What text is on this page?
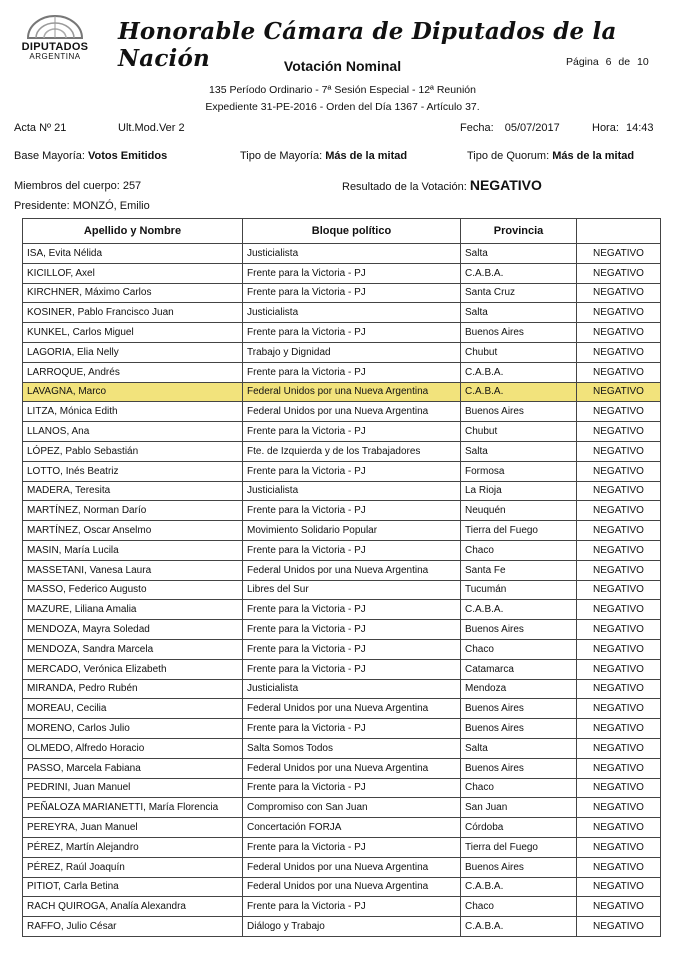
DIPUTADOS
ARGENTINA
Honorable Cámara de Diputados de la Nación	Votación Nominal	Página 6 de 10
135 Período Ordinario - 7ª Sesión Especial - 12ª Reunión
Expediente 31-PE-2016 - Orden del Día 1367 - Artículo 37.
Acta Nº 21	Ult.Mod.Ver 2	Fecha: 05/07/2017	Hora: 14:43
Base Mayoría: Votos Emitidos	Tipo de Mayoría: Más de la mitad	Tipo de Quorum: Más de la mitad
Miembros del cuerpo: 257	Resultado de la Votación: NEGATIVO
Presidente: MONZÓ, Emilio
Apellido y Nombre	Bloque político	Provincia	
ISA, Evita Nélida	Justicialista	Salta	NEGATIVO
KICILLOF, Axel	Frente para la Victoria - PJ	C.A.B.A.	NEGATIVO
KIRCHNER, Máximo Carlos	Frente para la Victoria - PJ	Santa Cruz	NEGATIVO
KOSINER, Pablo Francisco Juan	Justicialista	Salta	NEGATIVO
KUNKEL, Carlos Miguel	Frente para la Victoria - PJ	Buenos Aires	NEGATIVO
LAGORIA, Elia Nelly	Trabajo y Dignidad	Chubut	NEGATIVO
LARROQUE, Andrés	Frente para la Victoria - PJ	C.A.B.A.	NEGATIVO
LAVAGNA, Marco	Federal Unidos por una Nueva Argentina	C.A.B.A.	NEGATIVO
LITZA, Mónica Edith	Federal Unidos por una Nueva Argentina	Buenos Aires	NEGATIVO
LLANOS, Ana	Frente para la Victoria - PJ	Chubut	NEGATIVO
LÓPEZ, Pablo Sebastián	Fte. de Izquierda y de los Trabajadores	Salta	NEGATIVO
LOTTO, Inés Beatriz	Frente para la Victoria - PJ	Formosa	NEGATIVO
MADERA, Teresita	Justicialista	La Rioja	NEGATIVO
MARTÍNEZ, Norman Darío	Frente para la Victoria - PJ	Neuquén	NEGATIVO
MARTÍNEZ, Oscar Anselmo	Movimiento Solidario Popular	Tierra del Fuego	NEGATIVO
MASIN, María Lucila	Frente para la Victoria - PJ	Chaco	NEGATIVO
MASSETANI, Vanesa Laura	Federal Unidos por una Nueva Argentina	Santa Fe	NEGATIVO
MASSO, Federico Augusto	Libres del Sur	Tucumán	NEGATIVO
MAZURE, Liliana Amalia	Frente para la Victoria - PJ	C.A.B.A.	NEGATIVO
MENDOZA, Mayra Soledad	Frente para la Victoria - PJ	Buenos Aires	NEGATIVO
MENDOZA, Sandra Marcela	Frente para la Victoria - PJ	Chaco	NEGATIVO
MERCADO, Verónica Elizabeth	Frente para la Victoria - PJ	Catamarca	NEGATIVO
MIRANDA, Pedro Rubén	Justicialista	Mendoza	NEGATIVO
MOREAU, Cecilia	Federal Unidos por una Nueva Argentina	Buenos Aires	NEGATIVO
MORENO, Carlos Julio	Frente para la Victoria - PJ	Buenos Aires	NEGATIVO
OLMEDO, Alfredo Horacio	Salta Somos Todos	Salta	NEGATIVO
PASSO, Marcela Fabiana	Federal Unidos por una Nueva Argentina	Buenos Aires	NEGATIVO
PEDRINI, Juan Manuel	Frente para la Victoria - PJ	Chaco	NEGATIVO
PEÑALOZA MARIANETTI, María Florencia	Compromiso con San Juan	San Juan	NEGATIVO
PEREYRA, Juan Manuel	Concertación FORJA	Córdoba	NEGATIVO
PÉREZ, Martín Alejandro	Frente para la Victoria - PJ	Tierra del Fuego	NEGATIVO
PÉREZ, Raúl Joaquín	Federal Unidos por una Nueva Argentina	Buenos Aires	NEGATIVO
PITIOT, Carla Betina	Federal Unidos por una Nueva Argentina	C.A.B.A.	NEGATIVO
RACH QUIROGA, Analía Alexandra	Frente para la Victoria - PJ	Chaco	NEGATIVO
RAFFO, Julio César	Diálogo y Trabajo	C.A.B.A.	NEGATIVO
